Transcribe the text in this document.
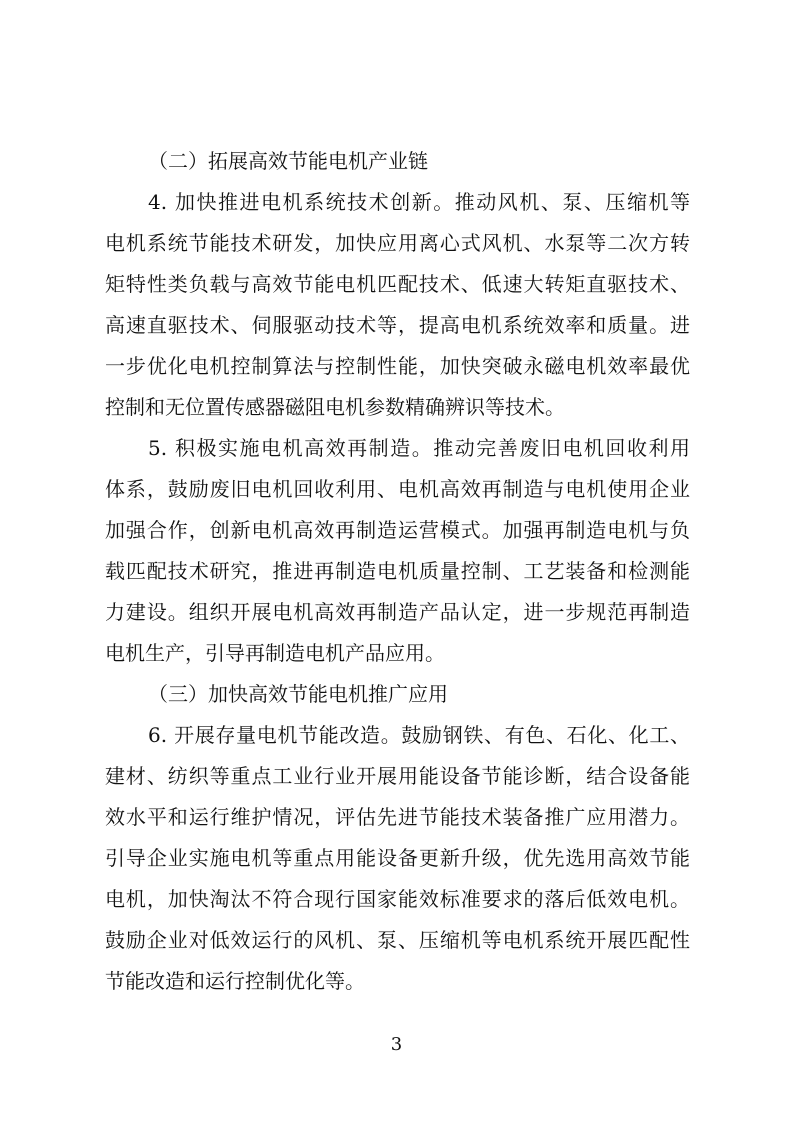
（二）拓展高效节能电机产业链
4. 加快推进电机系统技术创新。推动风机、泵、压缩机等
电机系统节能技术研发，加快应用离心式风机、水泵等二次方转
矩特性类负载与高效节能电机匹配技术、低速大转矩直驱技术、
高速直驱技术、伺服驱动技术等，提高电机系统效率和质量。进
一步优化电机控制算法与控制性能，加快突破永磁电机效率最优
控制和无位置传感器磁阻电机参数精确辨识等技术。
5. 积极实施电机高效再制造。推动完善废旧电机回收利用
体系，鼓励废旧电机回收利用、电机高效再制造与电机使用企业
加强合作，创新电机高效再制造运营模式。加强再制造电机与负
载匹配技术研究，推进再制造电机质量控制、工艺装备和检测能
力建设。组织开展电机高效再制造产品认定，进一步规范再制造
电机生产，引导再制造电机产品应用。
（三）加快高效节能电机推广应用
6. 开展存量电机节能改造。鼓励钢铁、有色、石化、化工、
建材、纺织等重点工业行业开展用能设备节能诊断，结合设备能
效水平和运行维护情况，评估先进节能技术装备推广应用潜力。
引导企业实施电机等重点用能设备更新升级，优先选用高效节能
电机，加快淘汰不符合现行国家能效标准要求的落后低效电机。
鼓励企业对低效运行的风机、泵、压缩机等电机系统开展匹配性
节能改造和运行控制优化等。
3
